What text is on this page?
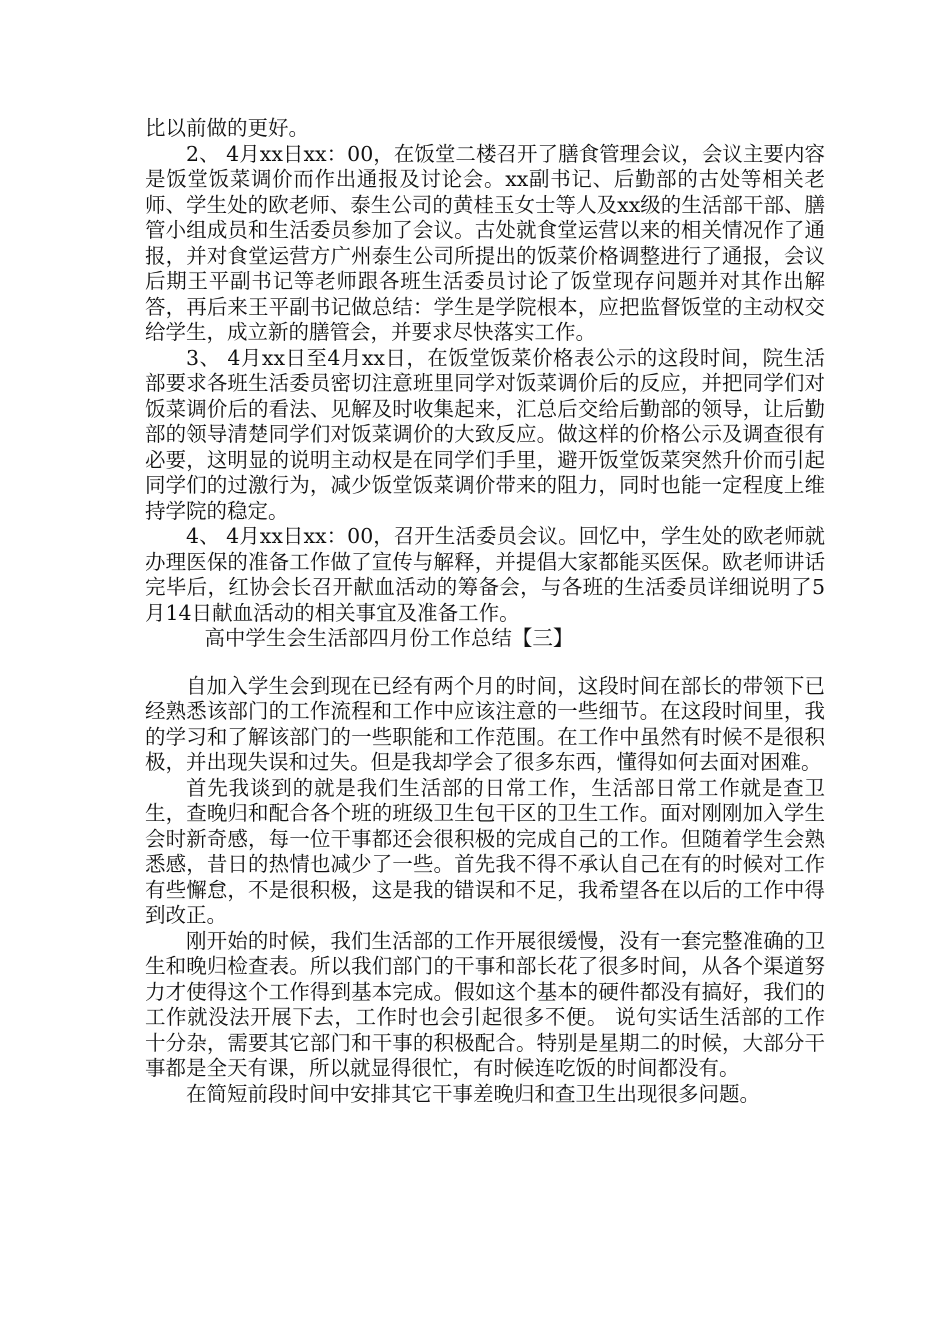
比以前做的更好。

2、 4月xx日xx：00，在饭堂二楼召开了膳食管理会议，会议主要内容是饭堂饭菜调价而作出通报及讨论会。xx副书记、后勤部的古处等相关老师、学生处的欧老师、泰生公司的黄桂玉女士等人及xx级的生活部干部、膳管小组成员和生活委员参加了会议。古处就食堂运营以来的相关情况作了通报，并对食堂运营方广州泰生公司所提出的饭菜价格调整进行了通报，会议后期王平副书记等老师跟各班生活委员讨论了饭堂现存问题并对其作出解答，再后来王平副书记做总结：学生是学院根本，应把监督饭堂的主动权交给学生，成立新的膳管会，并要求尽快落实工作。

3、 4月xx日至4月xx日，在饭堂饭菜价格表公示的这段时间，院生活部要求各班生活委员密切注意班里同学对饭菜调价后的反应，并把同学们对饭菜调价后的看法、见解及时收集起来，汇总后交给后勤部的领导，让后勤部的领导清楚同学们对饭菜调价的大致反应。做这样的价格公示及调查很有必要，这明显的说明主动权是在同学们手里，避开饭堂饭菜突然升价而引起同学们的过激行为，减少饭堂饭菜调价带来的阻力，同时也能一定程度上维持学院的稳定。

4、 4月xx日xx：00，召开生活委员会议。回忆中，学生处的欧老师就办理医保的准备工作做了宣传与解释，并提倡大家都能买医保。欧老师讲话完毕后，红协会长召开献血活动的筹备会，与各班的生活委员详细说明了5月14日献血活动的相关事宜及准备工作。

高中学生会生活部四月份工作总结【三】

自加入学生会到现在已经有两个月的时间，这段时间在部长的带领下已经熟悉该部门的工作流程和工作中应该注意的一些细节。在这段时间里，我的学习和了解该部门的一些职能和工作范围。在工作中虽然有时候不是很积极，并出现失误和过失。但是我却学会了很多东西，懂得如何去面对困难。

首先我谈到的就是我们生活部的日常工作，生活部日常工作就是查卫生，查晚归和配合各个班的班级卫生包干区的卫生工作。面对刚刚加入学生会时新奇感，每一位干事都还会很积极的完成自己的工作。但随着学生会熟悉感，昔日的热情也减少了一些。首先我不得不承认自己在有的时候对工作有些懈怠，不是很积极，这是我的错误和不足，我希望各在以后的工作中得到改正。

刚开始的时候，我们生活部的工作开展很缓慢，没有一套完整准确的卫生和晚归检查表。所以我们部门的干事和部长花了很多时间，从各个渠道努力才使得这个工作得到基本完成。假如这个基本的硬件都没有搞好，我们的工作就没法开展下去，工作时也会引起很多不便。 说句实话生活部的工作十分杂，需要其它部门和干事的积极配合。特别是星期二的时候，大部分干事都是全天有课，所以就显得很忙，有时候连吃饭的时间都没有。

在简短前段时间中安排其它干事差晚归和查卫生出现很多问题。
